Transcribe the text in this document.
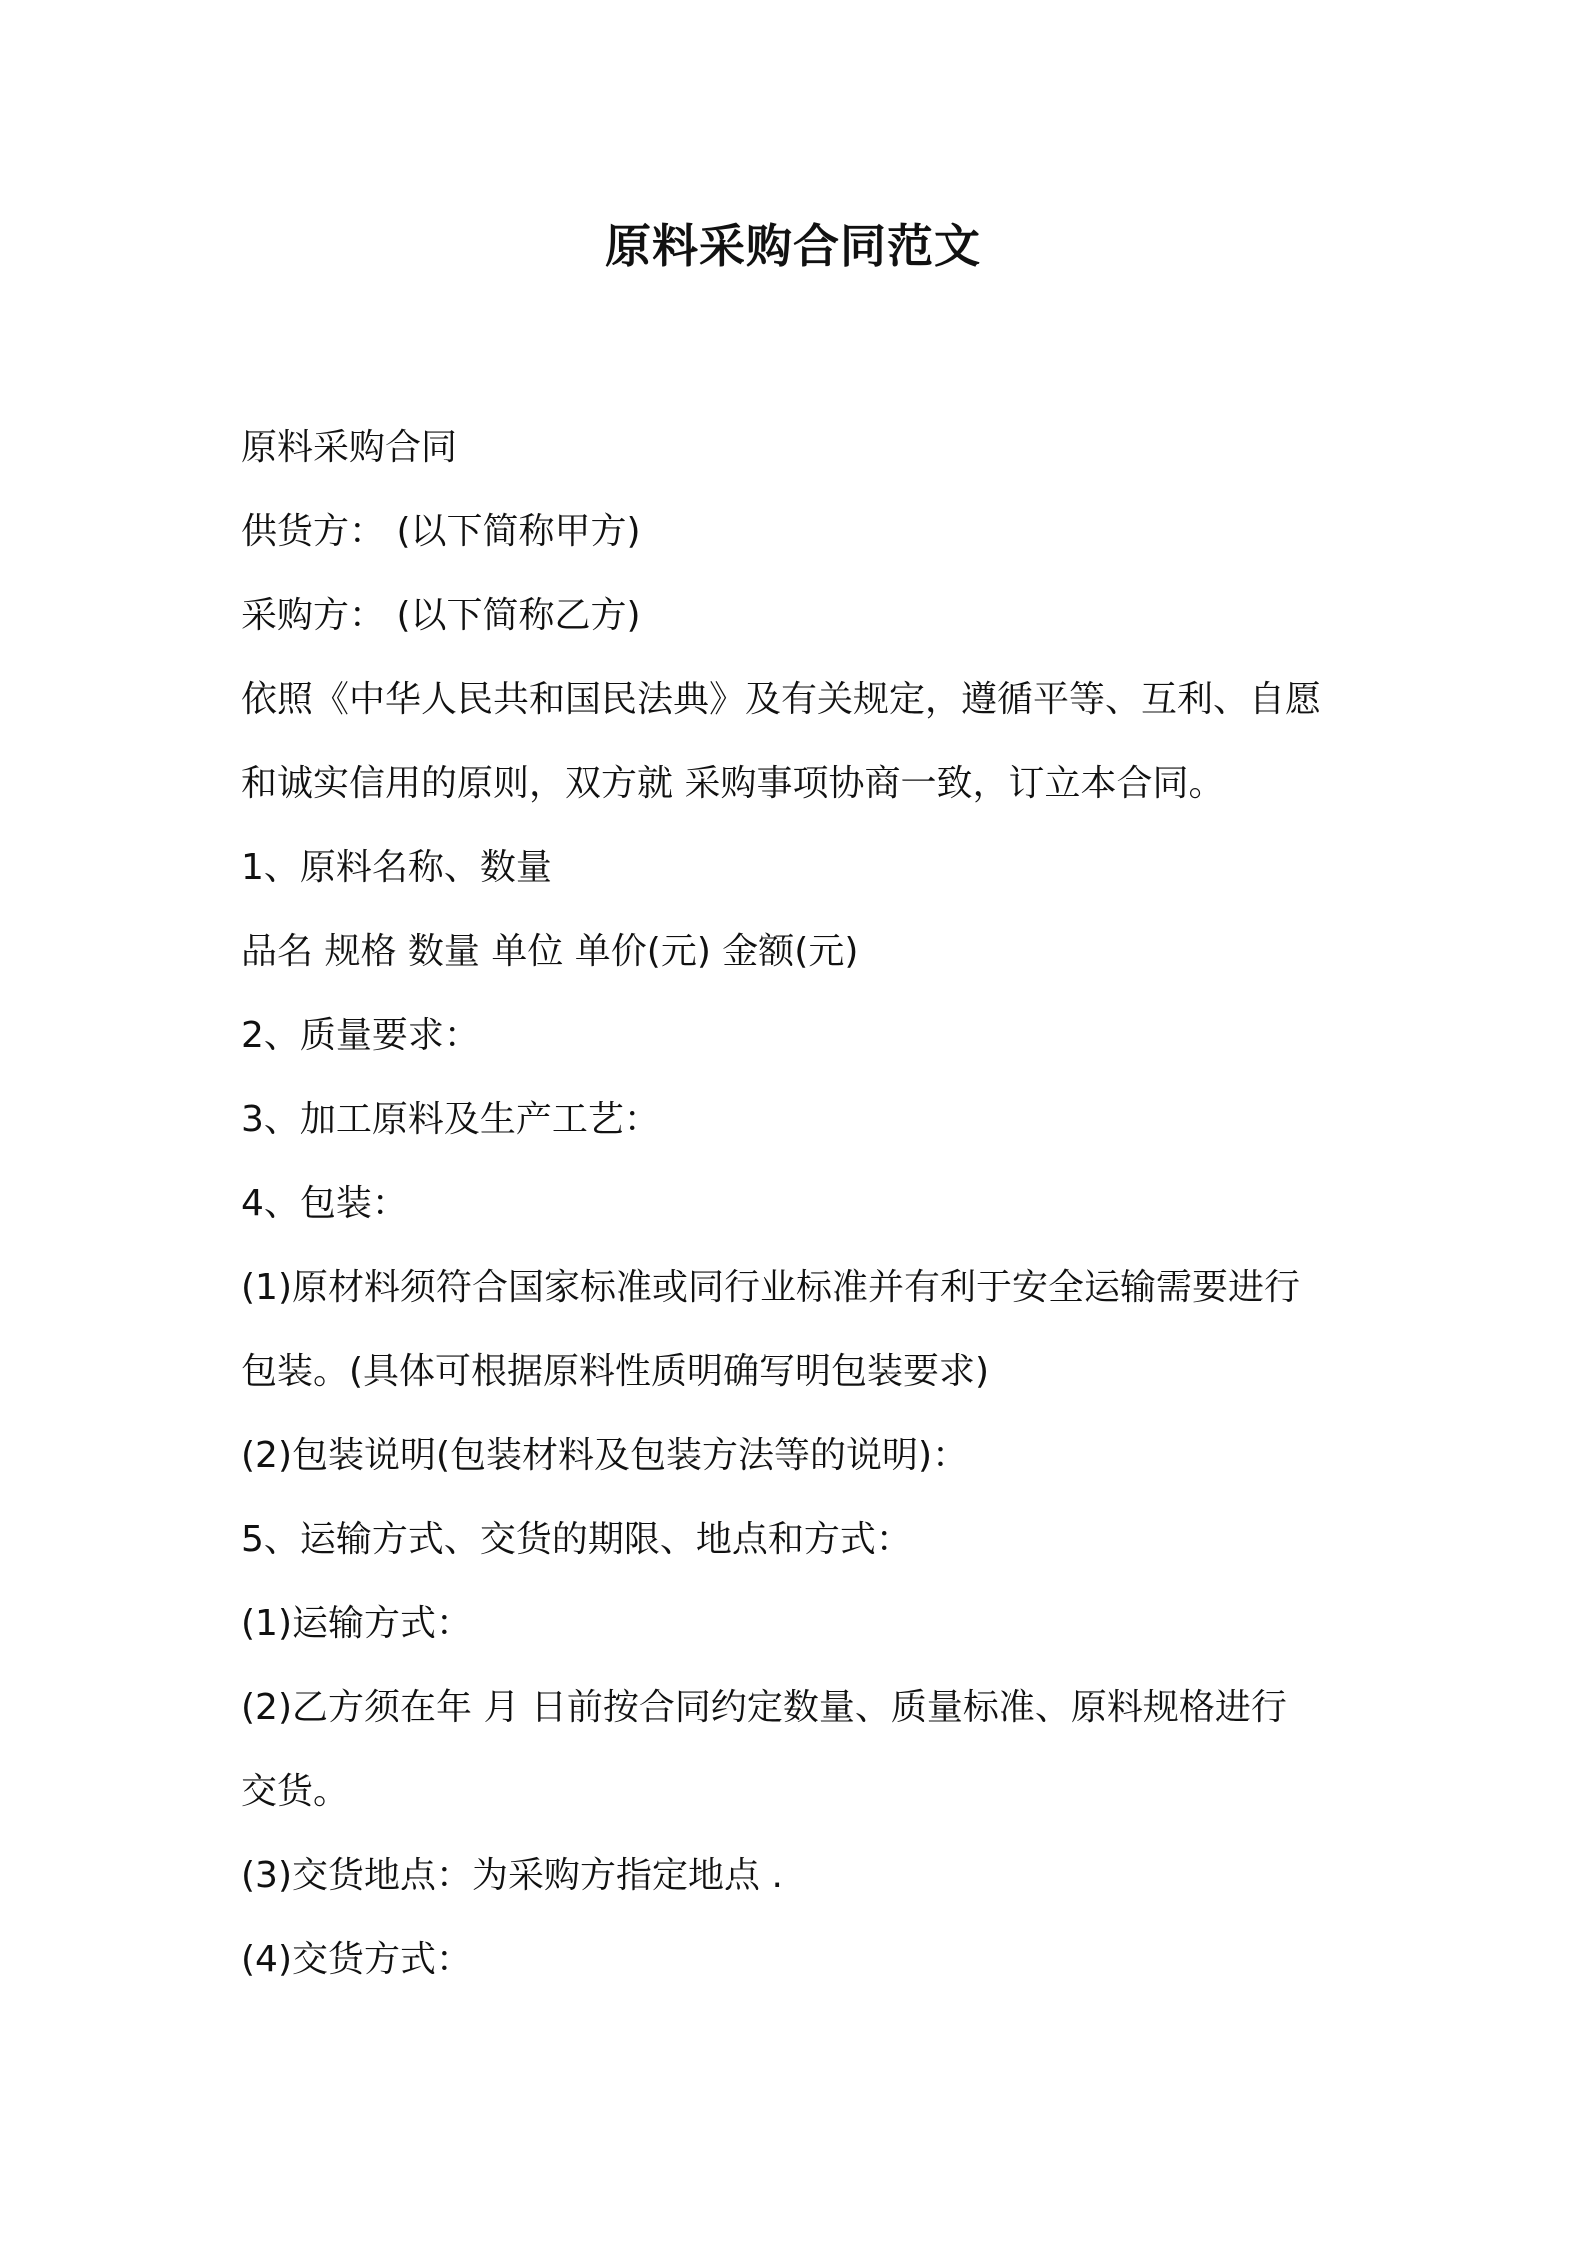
原料采购合同范文

原料采购合同

供货方： (以下简称甲方)

采购方： (以下简称乙方)

依照《中华人民共和国民法典》及有关规定，遵循平等、互利、自愿

和诚实信用的原则，双方就 采购事项协商一致，订立本合同。

1、原料名称、数量

品名 规格 数量 单位 单价(元) 金额(元)

2、质量要求：

3、加工原料及生产工艺：

4、包装：

(1)原材料须符合国家标准或同行业标准并有利于安全运输需要进行

包装。(具体可根据原料性质明确写明包装要求)

(2)包装说明(包装材料及包装方法等的说明)：

5、运输方式、交货的期限、地点和方式：

(1)运输方式：

(2)乙方须在年 月 日前按合同约定数量、质量标准、原料规格进行

交货。

(3)交货地点：为采购方指定地点 .

(4)交货方式：
